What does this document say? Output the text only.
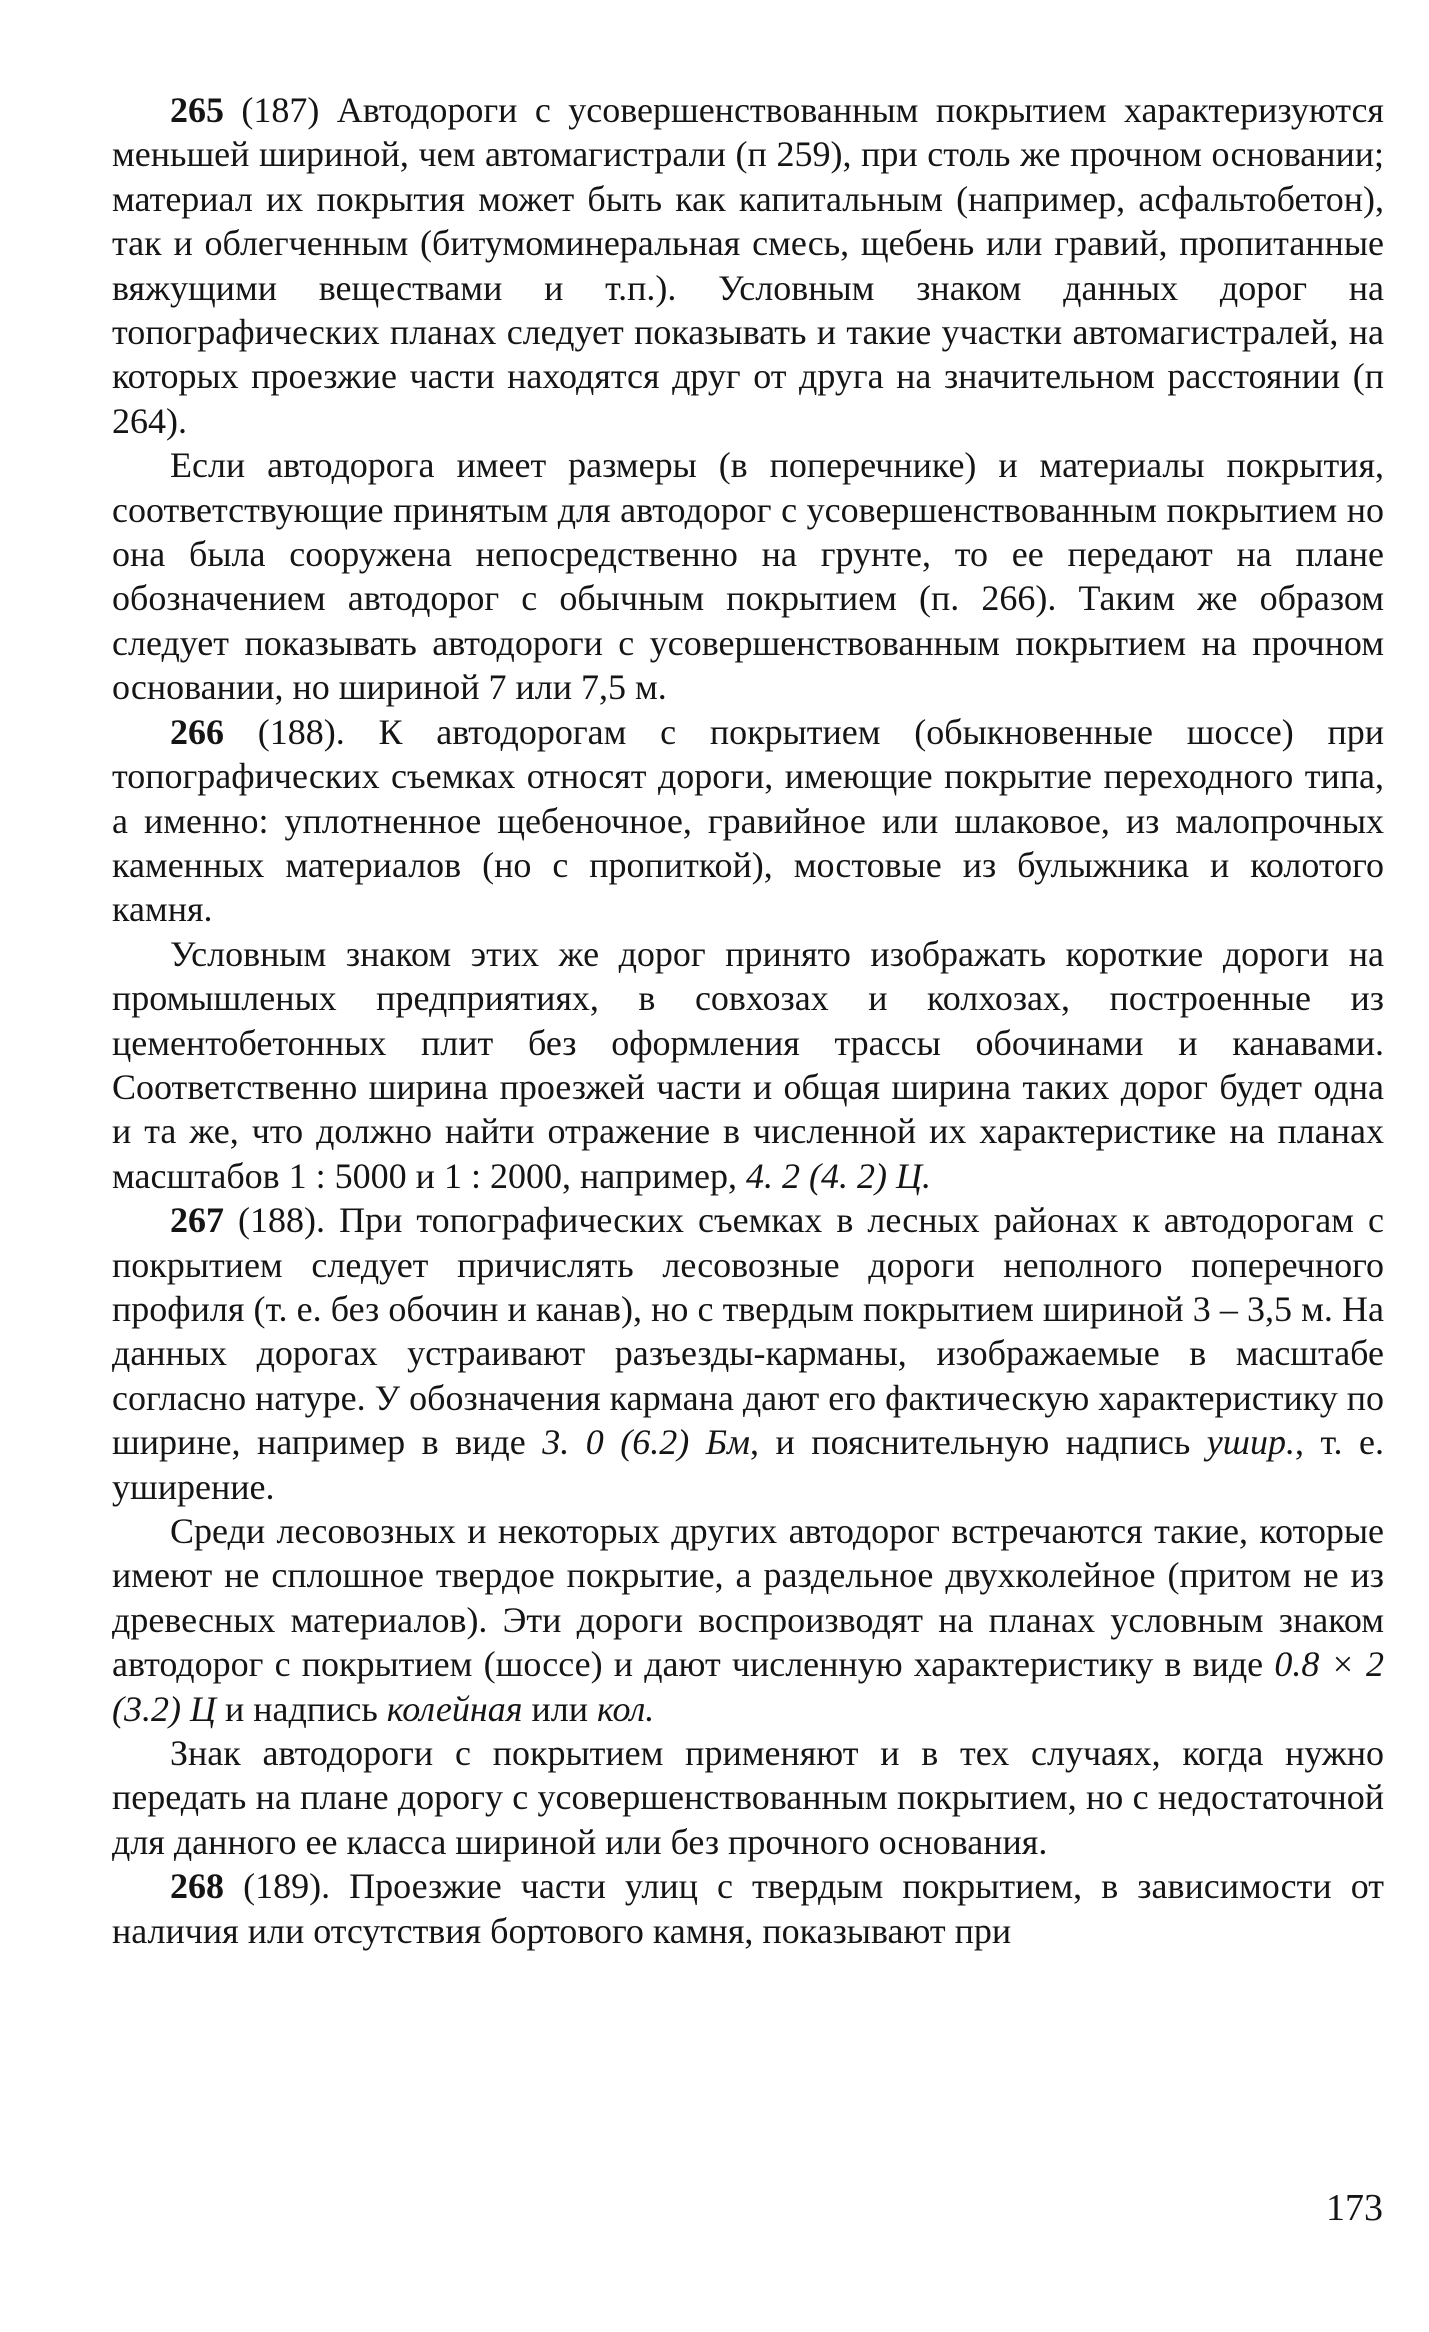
265 (187) Автодороги с усовершенствованным покрытием характеризуются меньшей шириной, чем автомагистрали (п 259), при столь же прочном основании; материал их покрытия может быть как капитальным (например, асфальтобетон), так и облегченным (битумоминеральная смесь, щебень или гравий, пропитанные вяжущими веществами и т.п.). Условным знаком данных дорог на топографических планах следует показывать и такие участки автомагистралей, на которых проезжие части находятся друг от друга на значительном расстоянии (п 264).

Если автодорога имеет размеры (в поперечнике) и материалы покрытия, соответствующие принятым для автодорог с усовершенствованным покрытием но она была сооружена непосредственно на грунте, то ее передают на плане обозначением автодорог с обычным покрытием (п. 266). Таким же образом следует показывать автодороги с усовершенствованным покрытием на прочном основании, но шириной 7 или 7,5 м.

266 (188). К автодорогам с покрытием (обыкновенные шоссе) при топографических съемках относят дороги, имеющие покрытие переходного типа, а именно: уплотненное щебеночное, гравийное или шлаковое, из малопрочных каменных материалов (но с пропиткой), мостовые из булыжника и колотого камня.

Условным знаком этих же дорог принято изображать короткие дороги на промышленых предприятиях, в совхозах и колхозах, построенные из цементобетонных плит без оформления трассы обочинами и канавами. Соответственно ширина проезжей части и общая ширина таких дорог будет одна и та же, что должно найти отражение в численной их характеристике на планах масштабов 1 : 5000 и 1 : 2000, например, 4. 2 (4. 2) Ц.

267 (188). При топографических съемках в лесных районах к автодорогам с покрытием следует причислять лесовозные дороги неполного поперечного профиля (т. е. без обочин и канав), но с твердым покрытием шириной 3 – 3,5 м. На данных дорогах устраивают разъезды-карманы, изображаемые в масштабе согласно натуре. У обозначения кармана дают его фактическую характеристику по ширине, например в виде 3. 0 (6.2) Бм, и пояснительную надпись ушир., т. е. уширение.

Среди лесовозных и некоторых других автодорог встречаются такие, которые имеют не сплошное твердое покрытие, а раздельное двухколейное (притом не из древесных материалов). Эти дороги воспроизводят на планах условным знаком автодорог с покрытием (шоссе) и дают численную характеристику в виде 0.8 × 2 (3.2) Ц и надпись колейная или кол.

Знак автодороги с покрытием применяют и в тех случаях, когда нужно передать на плане дорогу с усовершенствованным покрытием, но с недостаточной для данного ее класса шириной или без прочного основания.

268 (189). Проезжие части улиц с твердым покрытием, в зависимости от наличия или отсутствия бортового камня, показывают при

173
